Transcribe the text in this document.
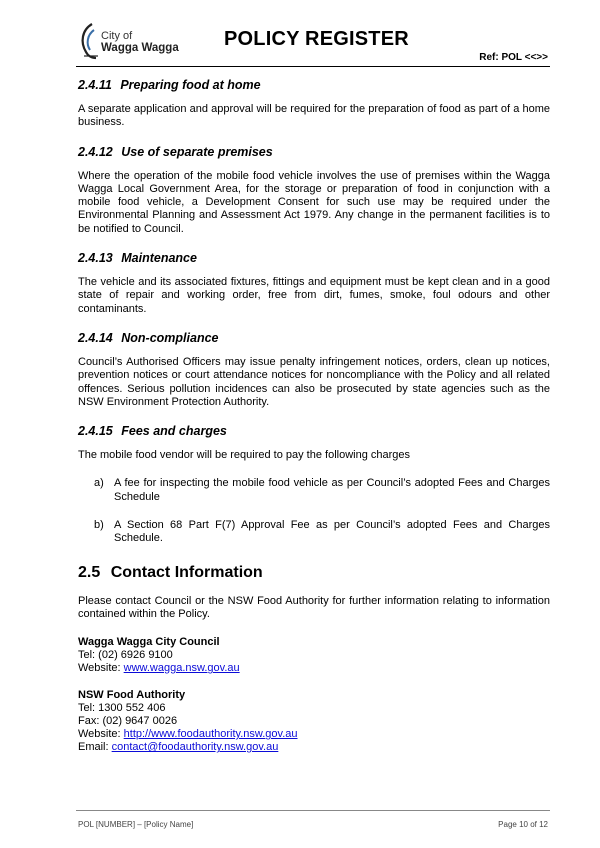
City of
Wagga Wagga POLICY REGISTER
Ref: POL <<>>
2.4.11 Preparing food at home

A separate application and approval will be required for the preparation of food as part of a home business.

2.4.12 Use of separate premises

Where the operation of the mobile food vehicle involves the use of premises within the Wagga Wagga Local Government Area, for the storage or preparation of food in conjunction with a mobile food vehicle, a Development Consent for such use may be required under the Environmental Planning and Assessment Act 1979. Any change in the permanent facilities is to be notified to Council.

2.4.13 Maintenance

The vehicle and its associated fixtures, fittings and equipment must be kept clean and in a good state of repair and working order, free from dirt, fumes, smoke, foul odours and other contaminants.

2.4.14 Non-compliance

Council’s Authorised Officers may issue penalty infringement notices, orders, clean up notices, prevention notices or court attendance notices for noncompliance with the Policy and all related offences. Serious pollution incidences can also be prosecuted by state agencies such as the NSW Environment Protection Authority.

2.4.15 Fees and charges

The mobile food vendor will be required to pay the following charges

a) A fee for inspecting the mobile food vehicle as per Council’s adopted Fees and Charges Schedule
b) A Section 68 Part F(7) Approval Fee as per Council’s adopted Fees and Charges Schedule.
2.5 Contact Information

Please contact Council or the NSW Food Authority for further information relating to information contained within the Policy.

Wagga Wagga City Council
Tel: (02) 6926 9100
Website: www.wagga.nsw.gov.au
NSW Food Authority
Tel: 1300 552 406
Fax: (02) 9647 0026
Website: http://www.foodauthority.nsw.gov.au
Email: contact@foodauthority.nsw.gov.au
POL [NUMBER] – [Policy Name]	Page 10 of 12
